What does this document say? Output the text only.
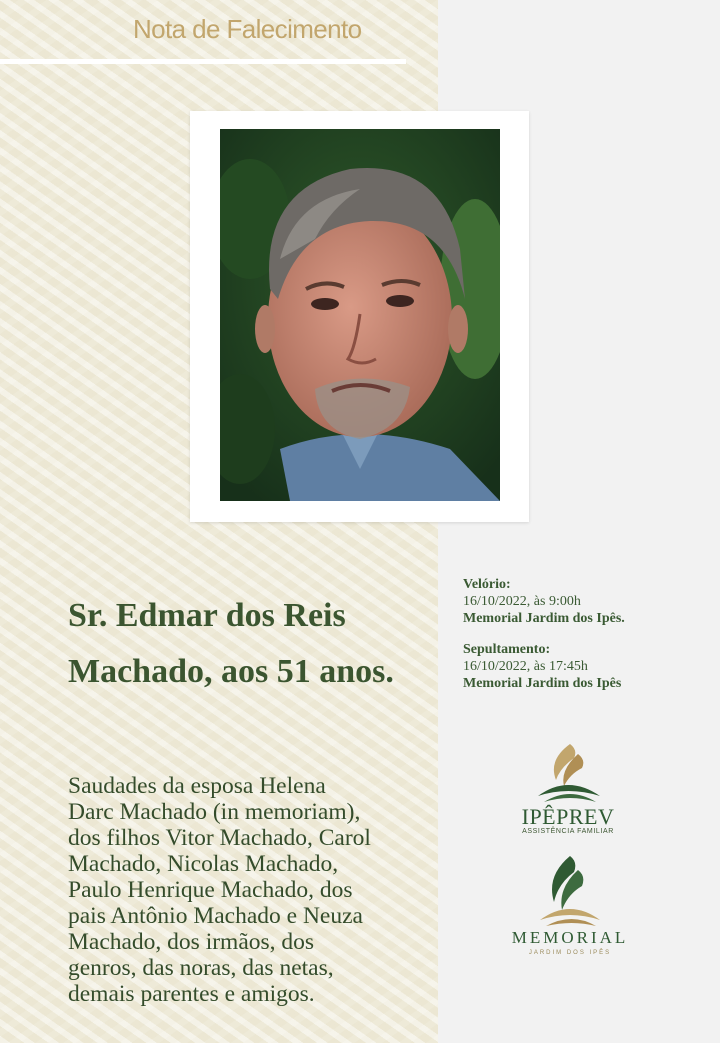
Nota de Falecimento
Sr. Edmar dos Reis
Machado, aos 51 anos.
Saudades da esposa Helena
Darc Machado (in memoriam),
dos filhos Vitor Machado, Carol
Machado, Nicolas Machado,
Paulo Henrique Machado, dos
pais Antônio Machado e Neuza
Machado, dos irmãos, dos
genros, das noras, das netas,
demais parentes e amigos.
Velório:
16/10/2022, às 9:00h
Memorial Jardim dos Ipês.
Sepultamento:
16/10/2022, às 17:45h
Memorial Jardim dos Ipês
IPÊPREV
ASSISTÊNCIA FAMILIAR
MEMORIAL
JARDIM DOS IPÊS
